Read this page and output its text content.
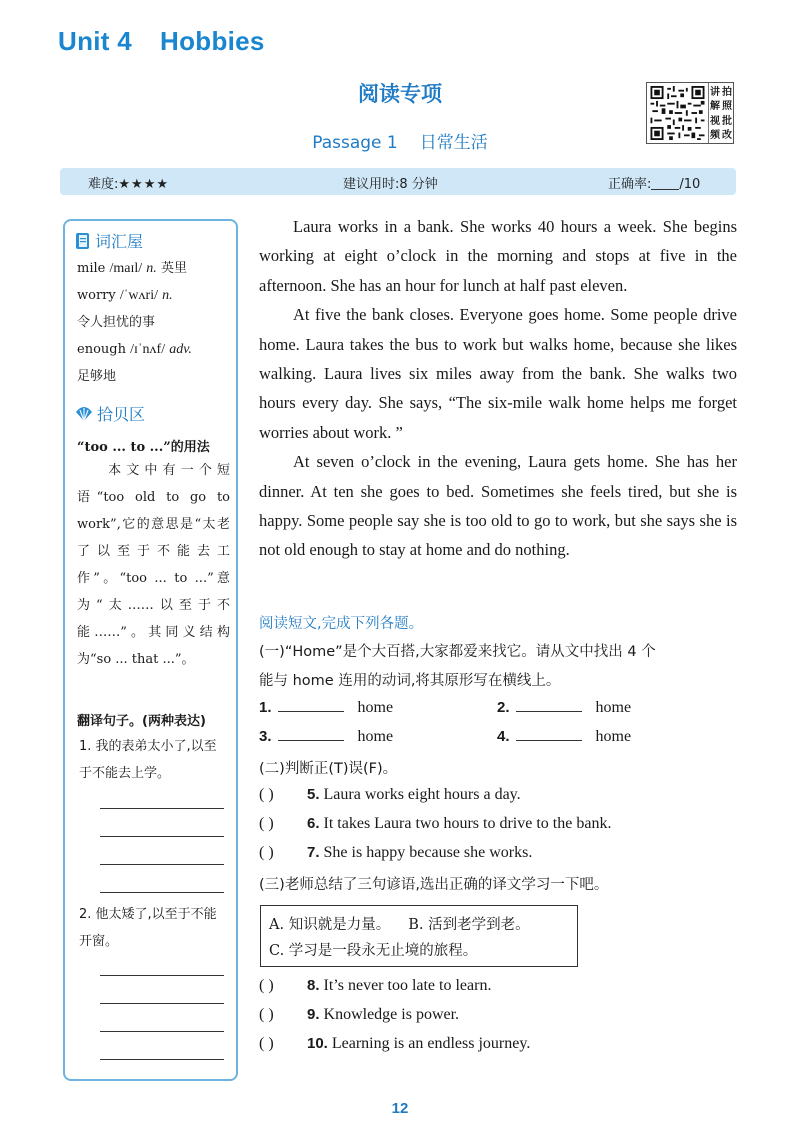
Unit 4 Hobbies
阅读专项
Passage 1 日常生活
讲 拍
解 照
视 批
频 改
难度:★★★★	建议用时:8 分钟	正确率: /10
词汇屋
mile /maɪl/ n. 英里
worry /ˈwʌri/ n.
令人担忧的事
enough /ɪˈnʌf/ adv.
足够地
拾贝区
“too ... to ...”的用法
本文中有一个短语“too old to go to work”,它的意思是“太老了以至于不能去工作”。“too ... to ...”意为“太……以至于不能……”。其同义结构为“so ... that ...”。
翻译句子。(两种表达)
1. 我的表弟太小了,以至于不能去上学。
2. 他太矮了,以至于不能开窗。

Laura works in a bank. She works 40 hours a week. She begins working at eight o’clock in the morning and stops at five in the afternoon. She has an hour for lunch at half past eleven.

At five the bank closes. Everyone goes home. Some people drive home. Laura takes the bus to work but walks home, because she likes walking. Laura lives six miles away from the bank. She walks two hours every day. She says, “The six-mile walk home helps me forget worries about work. ”

At seven o’clock in the evening, Laura gets home. She has her dinner. At ten she goes to bed. Sometimes she feels tired, but she is happy. Some people say she is too old to go to work, but she says she is not old enough to stay at home and do nothing.

阅读短文,完成下列各题。
(一)“Home”是个大百搭,大家都爱来找它。请从文中找出 4 个
能与 home 连用的动词,将其原形写在横线上。
1.	home	2.	home
3.	home	4.	home
(二)判断正(T)误(F)。
( ) 5. Laura works eight hours a day.
( ) 6. It takes Laura two hours to drive to the bank.
( ) 7. She is happy because she works.
(三)老师总结了三句谚语,选出正确的译文学习一下吧。
A. 知识就是力量。 B. 活到老学到老。
C. 学习是一段永无止境的旅程。
( ) 8. It’s never too late to learn.
( ) 9. Knowledge is power.
( ) 10. Learning is an endless journey.
12
